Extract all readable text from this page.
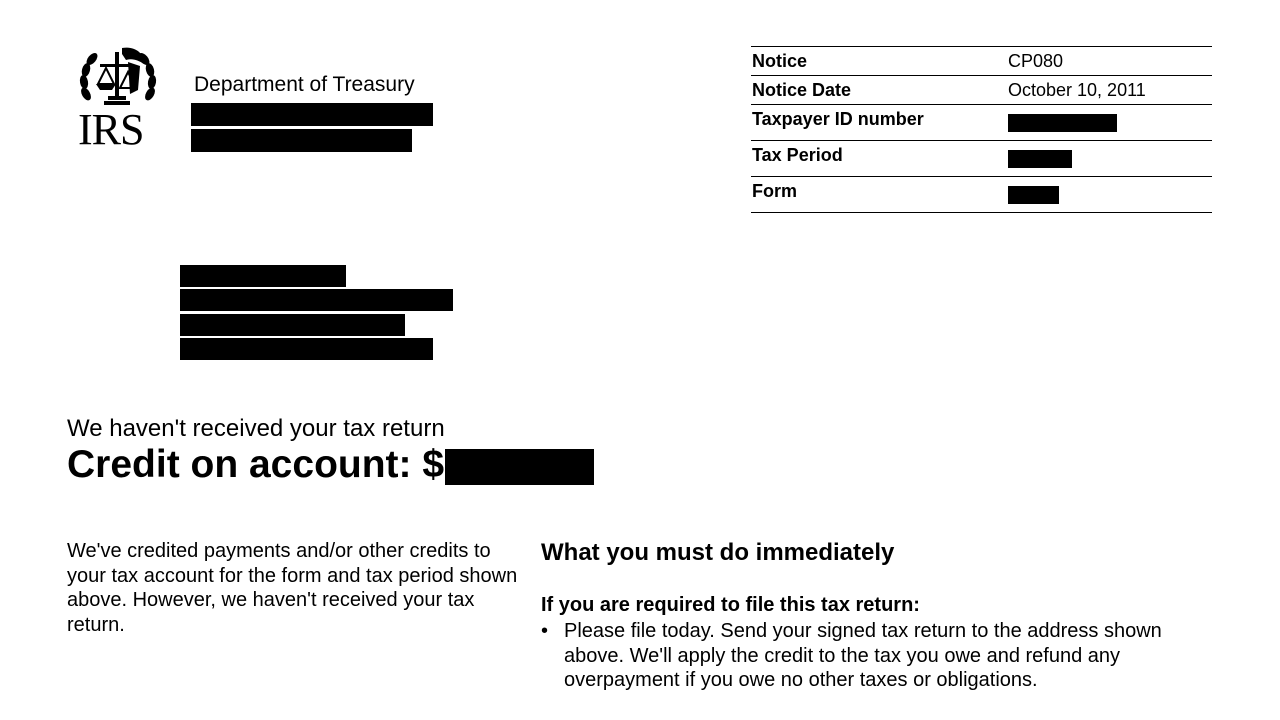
IRS
Department of Treasury
Notice	CP080
Notice Date	October 10, 2011
Taxpayer ID number	
Tax Period	
Form	
We haven't received your tax return
Credit on account: $
We've credited payments and/or other credits to your tax account for the form and tax period shown above. However, we haven't received your tax return.
What you must do immediately
If you are required to file this tax return:
• Please file today. Send your signed tax return to the address shown above. We'll apply the credit to the tax you owe and refund any overpayment if you owe no other taxes or obligations.
